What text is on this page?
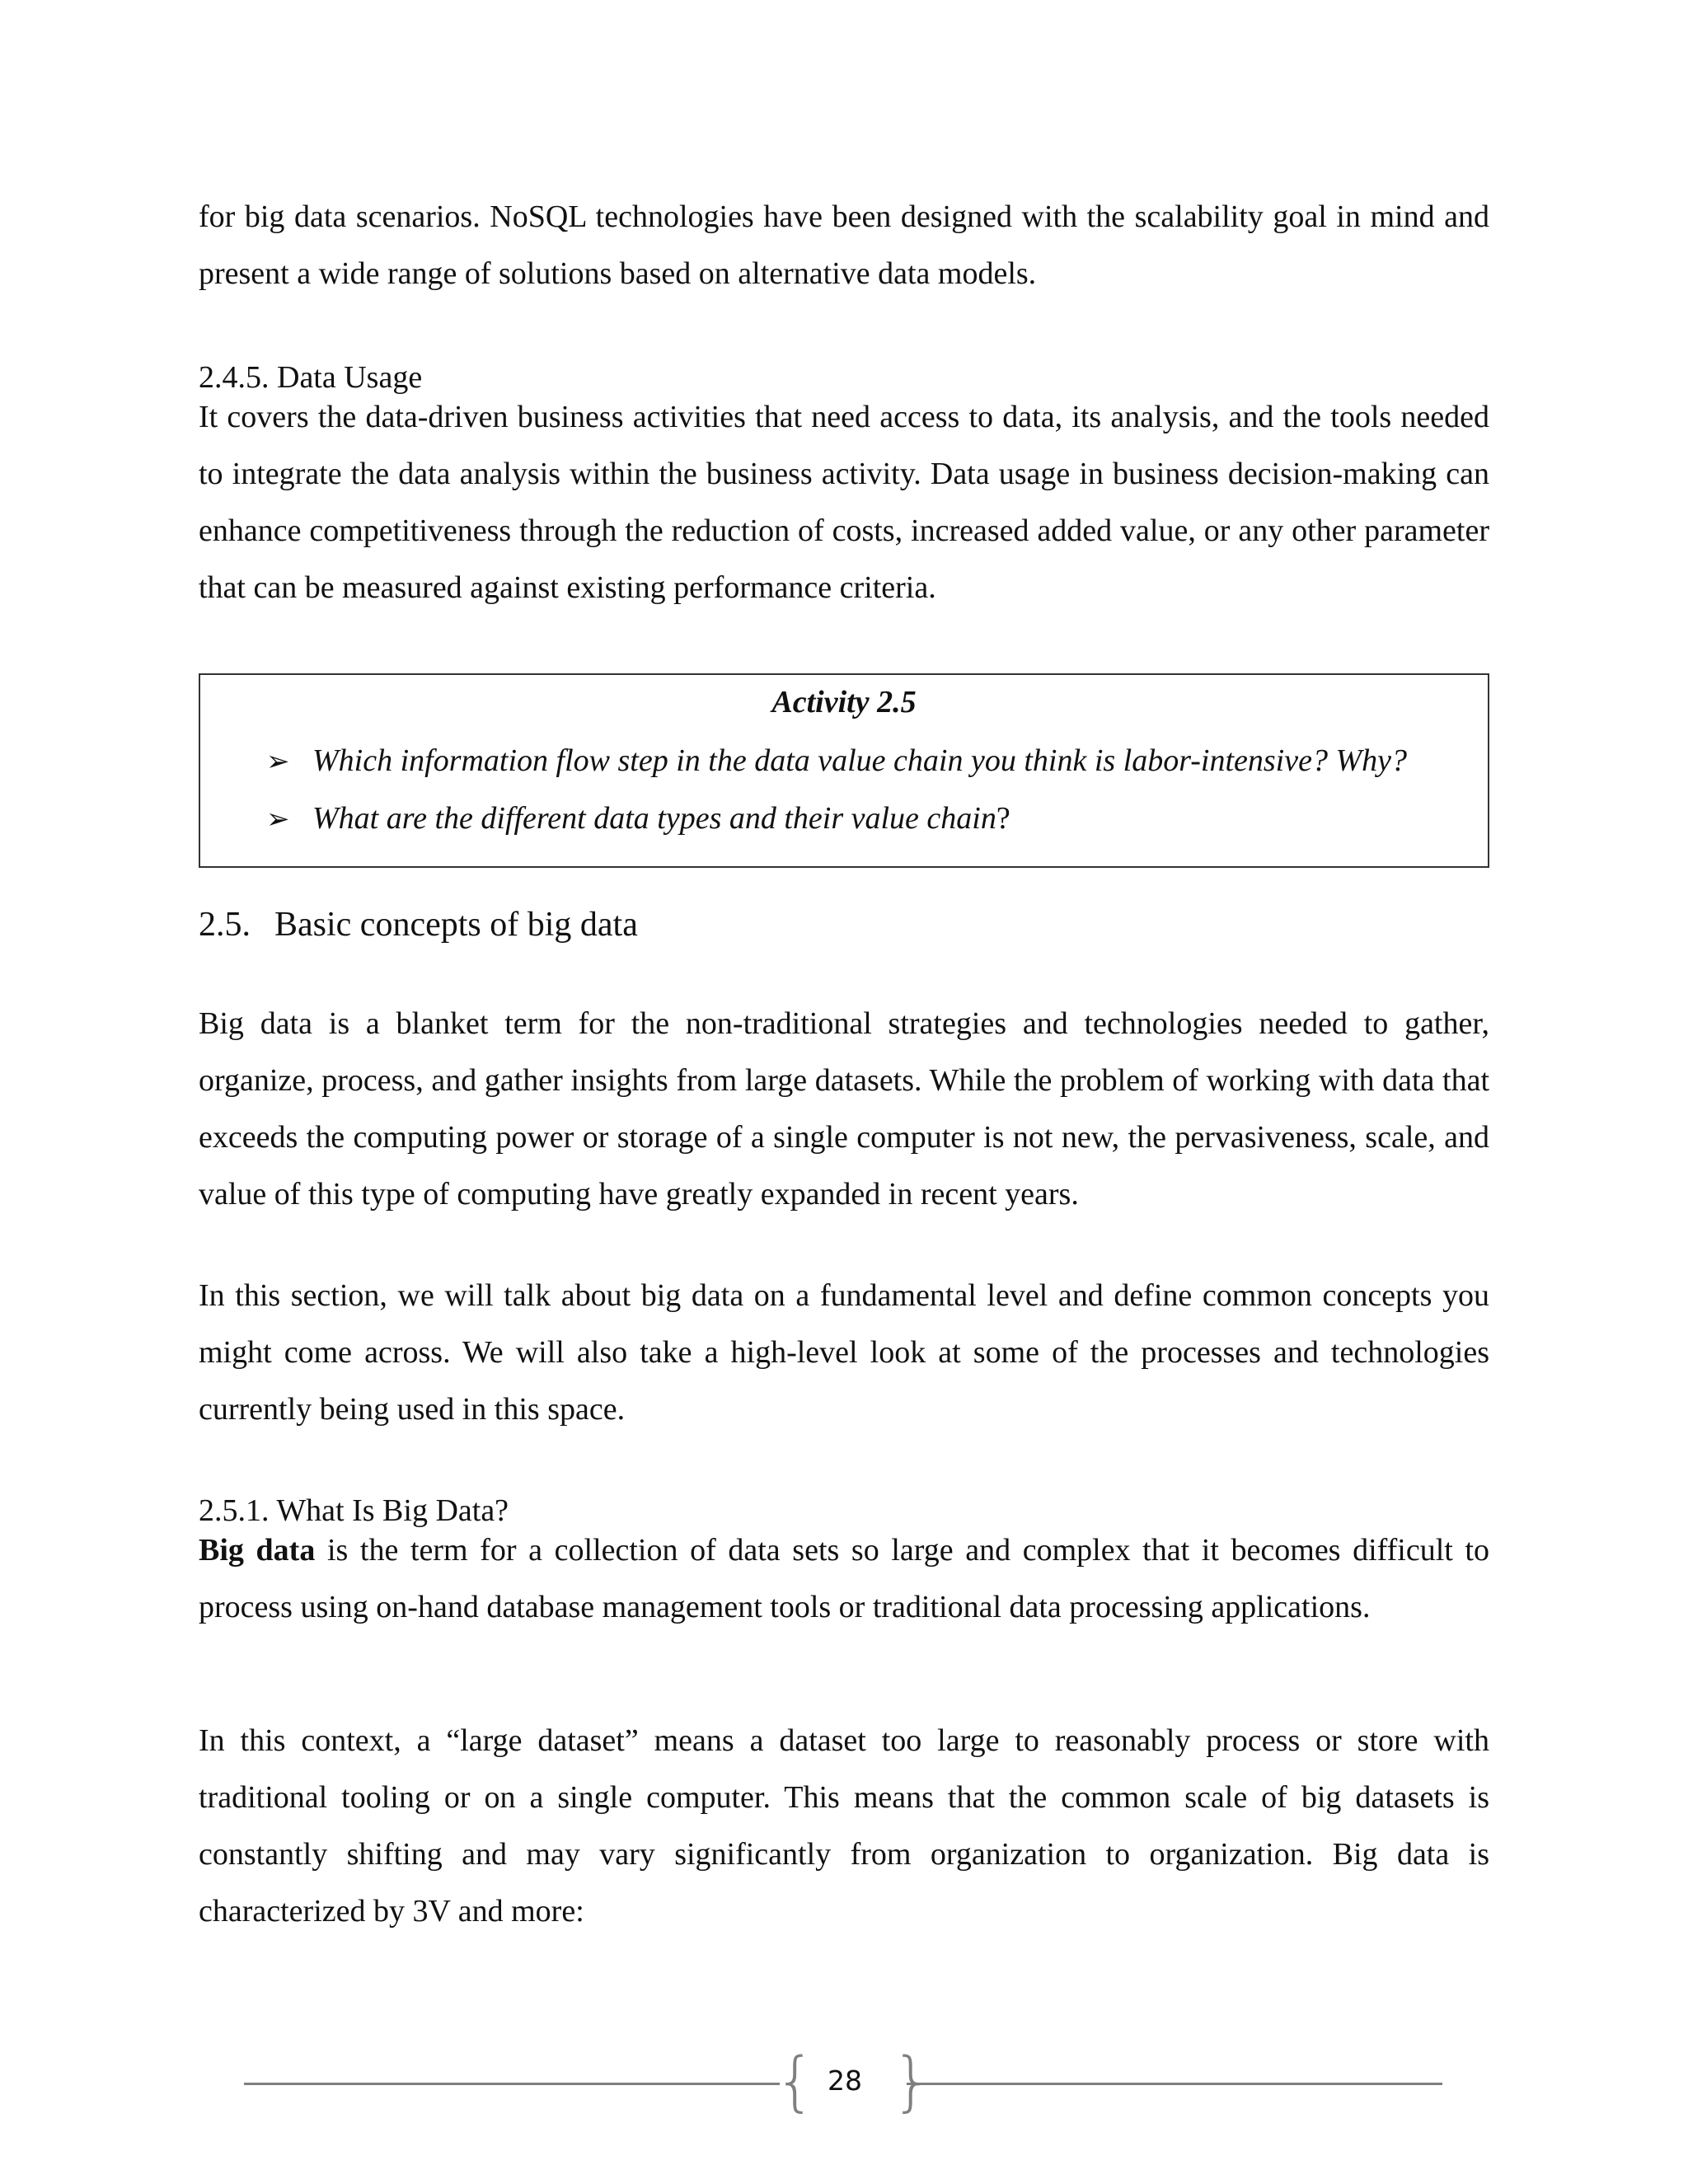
for big data scenarios. NoSQL technologies have been designed with the scalability goal in mind and present a wide range of solutions based on alternative data models.

2.4.5. Data Usage

It covers the data-driven business activities that need access to data, its analysis, and the tools needed to integrate the data analysis within the business activity. Data usage in business decision-making can enhance competitiveness through the reduction of costs, increased added value, or any other parameter that can be measured against existing performance criteria.

2.5. Basic concepts of big data

Big data is a blanket term for the non-traditional strategies and technologies needed to gather, organize, process, and gather insights from large datasets. While the problem of working with data that exceeds the computing power or storage of a single computer is not new, the pervasiveness, scale, and value of this type of computing have greatly expanded in recent years.

In this section, we will talk about big data on a fundamental level and define common concepts you might come across. We will also take a high-level look at some of the processes and technologies currently being used in this space.

2.5.1. What Is Big Data?

Big data is the term for a collection of data sets so large and complex that it becomes difficult to process using on-hand database management tools or traditional data processing applications.

In this context, a “large dataset” means a dataset too large to reasonably process or store with traditional tooling or on a single computer. This means that the common scale of big datasets is constantly shifting and may vary significantly from organization to organization. Big data is characterized by 3V and more:

Activity 2.5
➢ Which information flow step in the data value chain you think is labor-intensive? Why?
➢ What are the different data types and their value chain?
{ }
28
